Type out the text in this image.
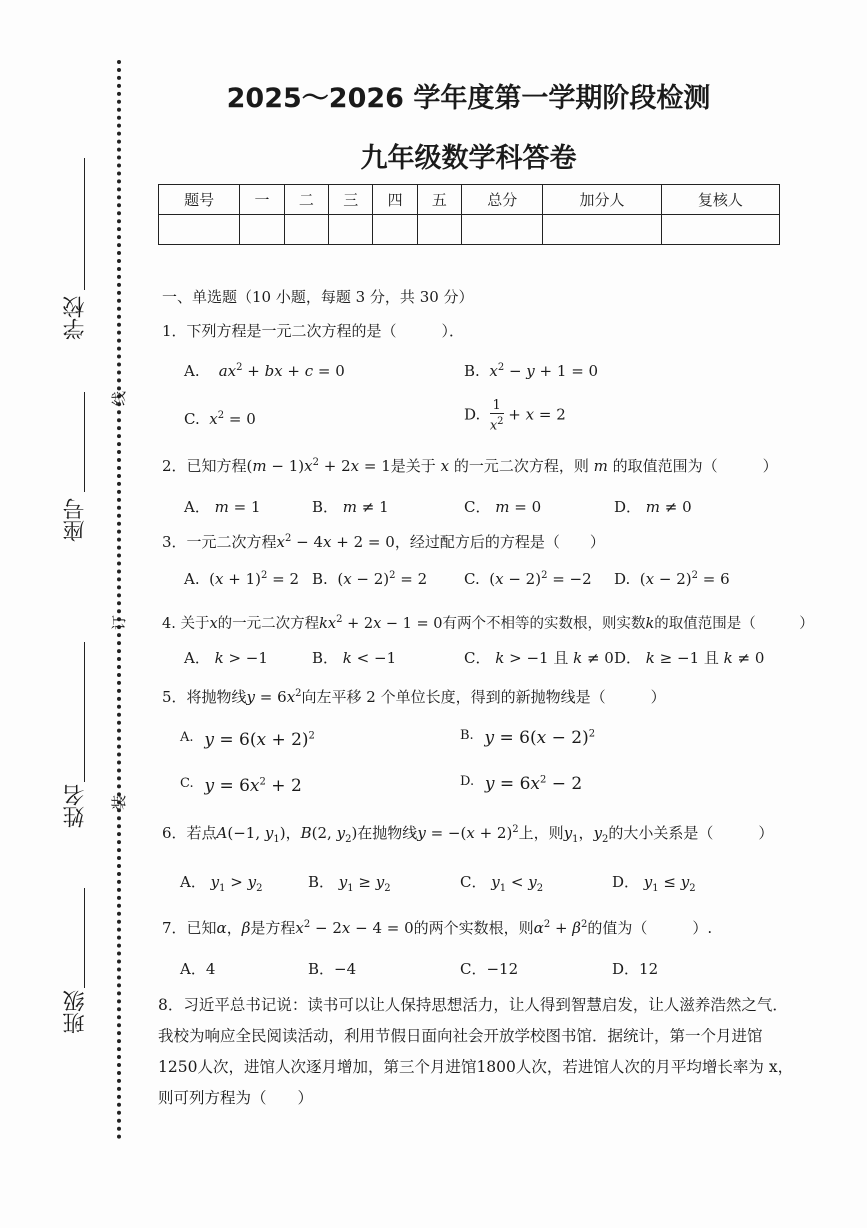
学校
座号
姓名
班级
线
订
装
2025～2026 学年度第一学期阶段检测
九年级数学科答卷
题号	一	二	三	四	五	总分	加分人	复核人

一、单选题（10 小题，每题 3 分，共 30 分）
1．下列方程是一元二次方程的是（　　　）．
A. $ax^2$ + bx + c = 0	B. $x^2 - y + 1 = 0$
C. $x^2 = 0$	D. $\frac{1}{x^2} + x = 2$
2．已知方程$(m - 1)x^2 + 2x = 1$是关于 x 的一元二次方程，则 m 的取值范围为（　　　）
A． m = 1	B． m ≠ 1	C． m = 0	D． m ≠ 0
3．一元二次方程$x^2 - 4x + 2 = 0$，经过配方后的方程是（　　）
A.  $(x + 1)^2 = 2$ B.  $(x - 2)^2 = 2$ C.  $(x - 2)^2 = -2$ D.  $(x - 2)^2 = 6$
4. 关于x的一元二次方程$kx^2 + 2x - 1 = 0$有两个不相等的实数根，则实数k的取值范围是（　　　）
A． k > −1	B． k < −1	C． k > −1 且 k ≠ 0 D． k ≥ −1 且 k ≠ 0
5．将抛物线$y = 6x^2$向左平移 2 个单位长度，得到的新抛物线是（　　　）
$^{A.}$ $y = 6(x + 2)^2$	$^{B.}$ $y = 6(x - 2)^2$
$^{C.}$ $y = 6x^2 + 2$	$^{D.}$ $y = 6x^2 - 2$
6．若点A(−1, $y_1$)，B(2, $y_2$)在抛物线$y = -(x + 2)^2$上，则$y_1$，$y_2$的大小关系是（　　　）
A． $y_1 > y_2$	B． $y_1 \ge y_2$	C． $y_1 < y_2$	D． $y_1 \le y_2$
7．已知α，β是方程$x^2 - 2x - 4 = 0$的两个实数根，则$\alpha^2 + \beta^2$的值为（　　　）.
A．4	B．−4	C．−12	D．12
8．习近平总书记说：读书可以让人保持思想活力，让人得到智慧启发，让人滋养浩然之气．我校为响应全民阅读活动，利用节假日面向社会开放学校图书馆．据统计，第一个月进馆1250人次，进馆人次逐月增加，第三个月进馆1800人次，若进馆人次的月平均增长率为 x，则可列方程为（　　）
